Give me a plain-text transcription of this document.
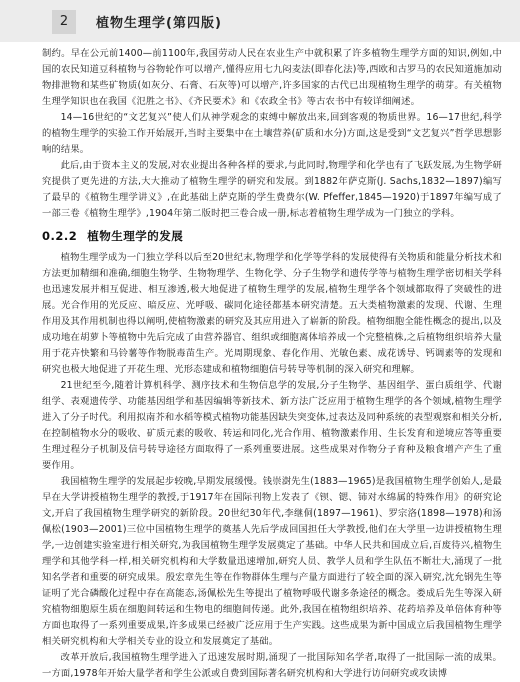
2	植物生理学(第四版)

制约。早在公元前1400—前1100年,我国劳动人民在农业生产中就积累了许多植物生理学方面的知识,例如,中国的农民知道豆科植物与谷物轮作可以增产,懂得应用七九闷麦法(即春化法)等,西欧和古罗马的农民知道施加动物排泄物和某些矿物质(如灰分、石膏、石灰等)可以增产,许多国家的古代已出现植物生理学的萌芽。有关植物生理学知识也在我国《氾胜之书》、《齐民要术》和《农政全书》等古农书中有较详细阐述。

14—16世纪的“文艺复兴”使人们从神学观念的束缚中解放出来,回到客观的物质世界。16—17世纪,科学的植物生理学的实验工作开始展开,当时主要集中在土壤营养(矿质和水分)方面,这是受到“文艺复兴”哲学思想影响的结果。

此后,由于资本主义的发展,对农业提出各种各样的要求,与此同时,物理学和化学也有了飞跃发展,为生物学研究提供了更先进的方法,大大推动了植物生理学的研究和发展。到1882年萨克斯(J. Sachs,1832—1897)编写了最早的《植物生理学讲义》,在此基础上萨克斯的学生费费尔(W. Pfeffer,1845—1920)于1897年编写成了一部三卷《植物生理学》,1904年第二版时把三卷合成一册,标志着植物生理学成为一门独立的学科。

0.2.2 植物生理学的发展

植物生理学成为一门独立学科以后至20世纪末,物理学和化学等学科的发展使得有关物质和能量分析技术和方法更加精细和准确,细胞生物学、生物物理学、生物化学、分子生物学和遗传学等与植物生理学密切相关学科也迅速发展并相互促进、相互渗透,极大地促进了植物生理学的发展,植物生理学各个领域都取得了突破性的进展。光合作用的光反应、暗反应、光呼吸、碳同化途径都基本研究清楚。五大类植物激素的发现、代谢、生理作用及其作用机制也得以阐明,使植物激素的研究及其应用进入了崭新的阶段。植物细胞全能性概念的提出,以及成功地在胡萝卜等植物中先后完成了由营养器官、组织或细胞离体培养成一个完整植株,之后植物组织培养大量用于花卉快繁和马铃薯等作物脱毒苗生产。光周期现象、春化作用、光敏色素、成花诱导、钙调素等的发现和研究也极大地促进了开花生理、光形态建成和植物细胞信号转导等机制的深入研究和理解。

21世纪至今,随着计算机科学、测序技术和生物信息学的发展,分子生物学、基因组学、蛋白质组学、代谢组学、表观遗传学、功能基因组学和基因编辑等新技术、新方法广泛应用于植物生理学的各个领域,植物生理学进入了分子时代。利用拟南芥和水稻等模式植物功能基因缺失突变体,过表达及同种系统的表型观察和相关分析,在控制植物水分的吸收、矿质元素的吸收、转运和同化,光合作用、植物激素作用、生长发育和逆境应答等重要生理过程分子机制及信号转导途径方面取得了一系列重要进展。这些成果对作物分子育种及粮食增产产生了重要作用。

我国植物生理学的发展起步较晚,早期发展缓慢。钱崇澍先生(1883—1965)是我国植物生理学创始人,是最早在大学讲授植物生理学的教授,于1917年在国际刊物上发表了《钡、锶、铈对水绵属的特殊作用》的研究论文,开启了我国植物生理学研究的新阶段。20世纪30年代,李继侗(1897—1961)、罗宗洛(1898—1978)和汤佩松(1903—2001)三位中国植物生理学的奠基人先后学成回国担任大学教授,他们在大学里一边讲授植物生理学,一边创建实验室进行相关研究,为我国植物生理学发展奠定了基础。中华人民共和国成立后,百废待兴,植物生理学和其他学科一样,相关研究机构和大学数量迅速增加,研究人员、教学人员和学生队伍不断壮大,涌现了一批知名学者和重要的研究成果。殷宏章先生等在作物群体生理与产量方面进行了较全面的深入研究,沈允钢先生等证明了光合磷酸化过程中存在高能态,汤佩松先生等提出了植物呼吸代谢多条途径的概念。娄成后先生等深入研究植物细胞原生质在细胞间转运和生物电的细胞间传递。此外,我国在植物组织培养、花药培养及单倍体育种等方面也取得了一系列重要成果,许多成果已经被广泛应用于生产实践。这些成果为新中国成立后我国植物生理学相关研究机构和大学相关专业的设立和发展奠定了基础。

改革开放后,我国植物生理学进入了迅速发展时期,涌现了一批国际知名学者,取得了一批国际一流的成果。一方面,1978年开始大量学者和学生公派或自费到国际著名研究机构和大学进行访问研究或攻读博
